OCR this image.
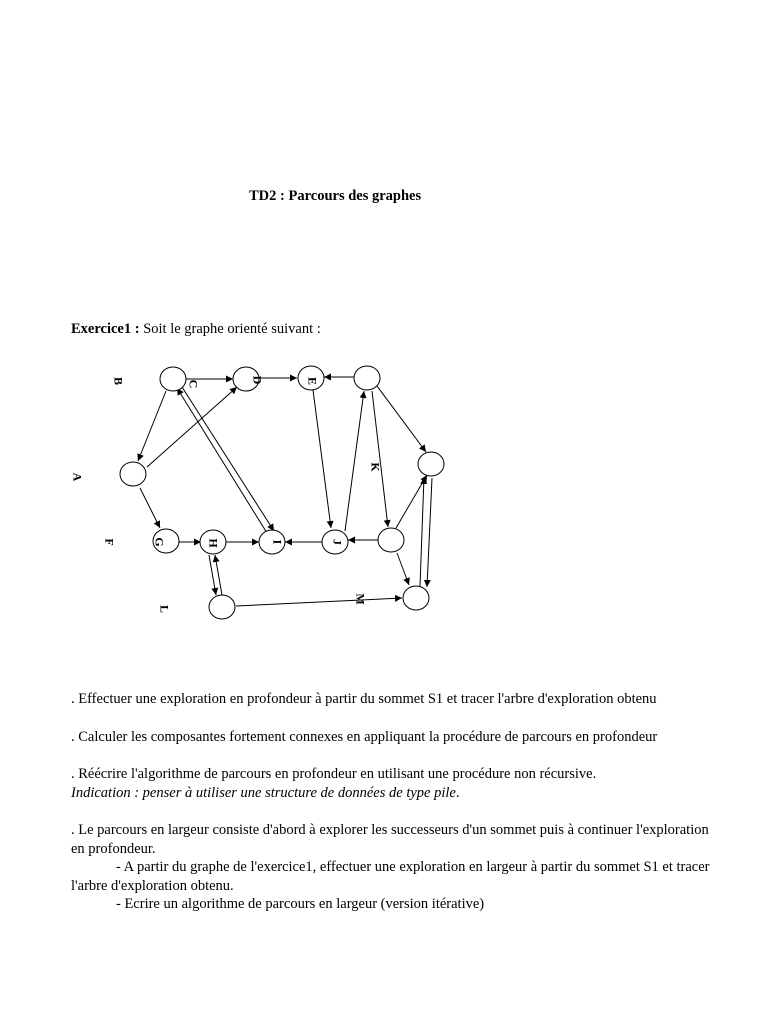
TD2 : Parcours des graphes
Exercice1 : Soit le graphe orienté suivant :
B	C	D	E
A
K
F	G	H	I	J
L
M
. Effectuer une exploration en profondeur à partir du sommet S1 et tracer l'arbre d'exploration obtenu
. Calculer les composantes fortement connexes en appliquant la procédure de parcours en profondeur
. Réécrire l'algorithme de parcours en profondeur en utilisant une procédure non récursive.
Indication : penser à utiliser une structure de données de type pile.
. Le parcours en largeur consiste d'abord à explorer les successeurs d'un sommet puis à continuer l'exploration en profondeur.
- A partir du graphe de l'exercice1, effectuer une exploration en largeur à partir du sommet S1 et tracer l'arbre d'exploration obtenu.
- Ecrire un algorithme de parcours en largeur (version itérative)
